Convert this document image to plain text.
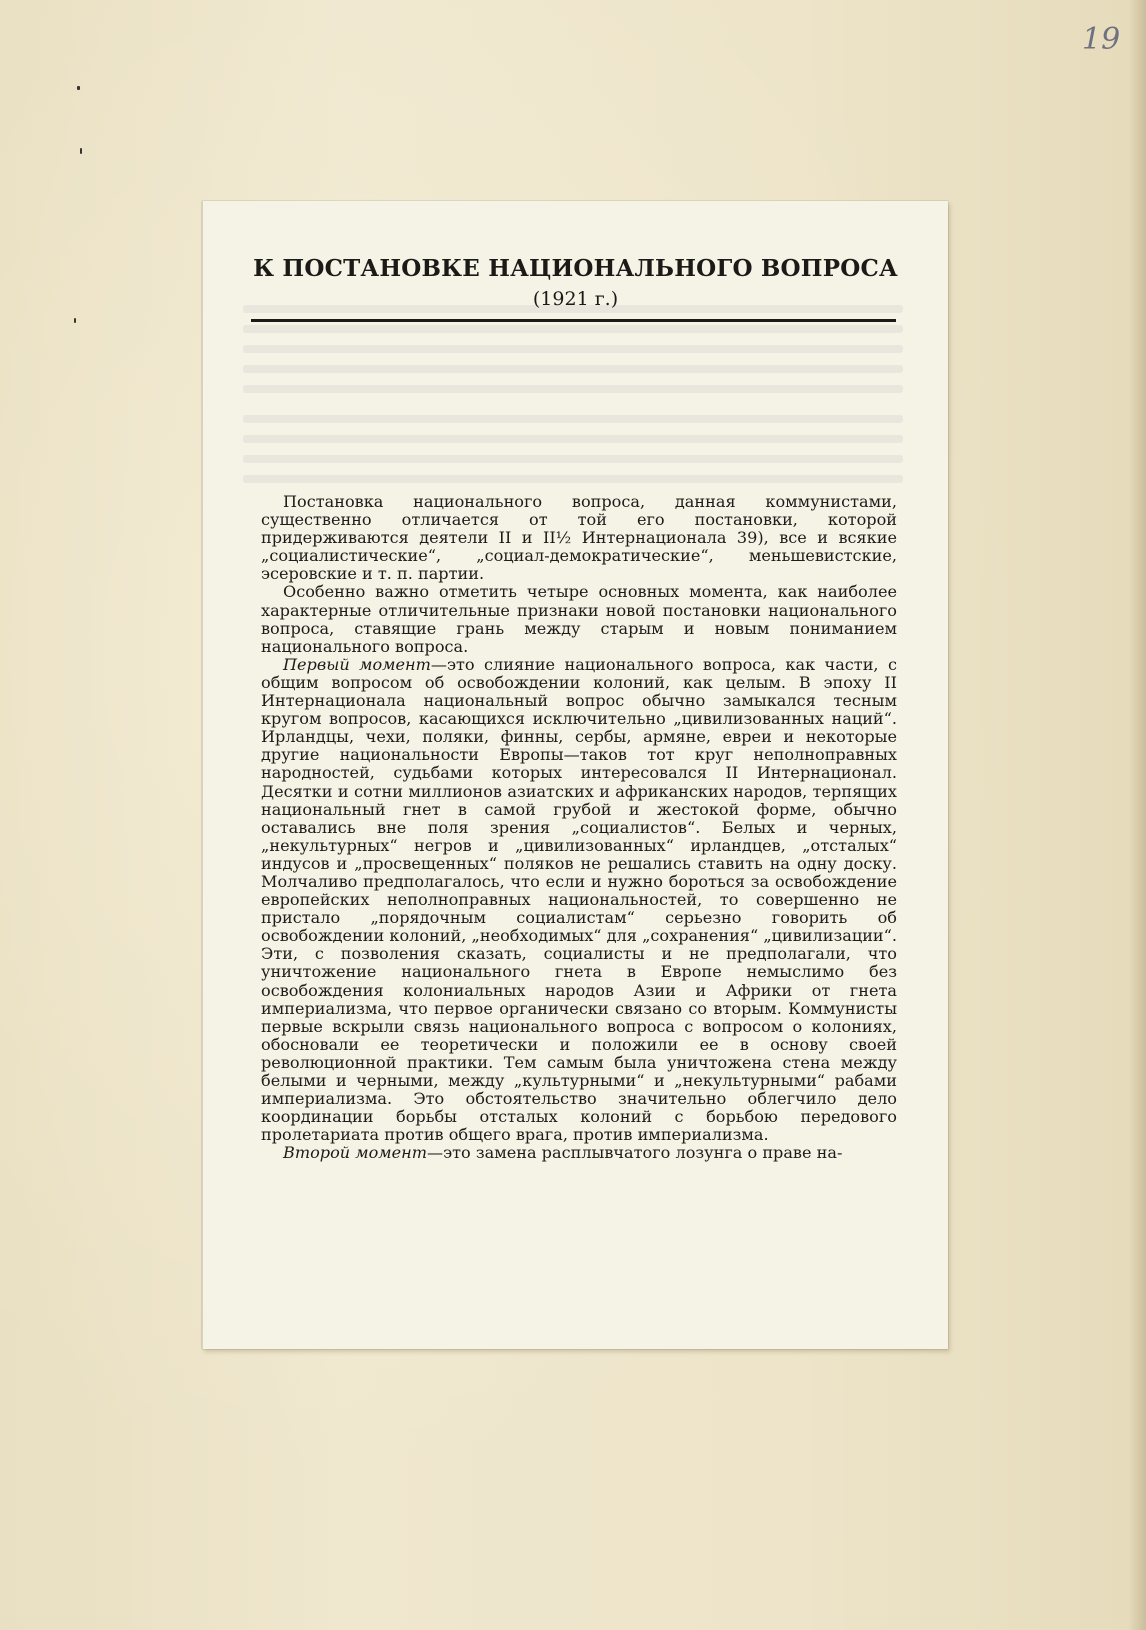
19
К ПОСТАНОВКЕ НАЦИОНАЛЬНОГО ВОПРОСА
(1921 г.)

Постановка национального вопроса, данная коммунистами, существенно отличается от той его постановки, которой придерживаются деятели II и II½ Интернационала 39), все и всякие „социалистические“, „социал-демократические“, меньшевистские, эсеровские и т. п. партии.

Особенно важно отметить четыре основных момента, как наиболее характерные отличительные признаки новой постановки национального вопроса, ставящие грань между старым и новым пониманием национального вопроса.

Первый момент—это слияние национального вопроса, как части, с общим вопросом об освобождении колоний, как целым. В эпоху II Интернационала национальный вопрос обычно замыкался тесным кругом вопросов, касающихся исключительно „цивилизованных наций“. Ирландцы, чехи, поляки, финны, сербы, армяне, евреи и некоторые другие национальности Европы—таков тот круг неполноправных народностей, судьбами которых интересовался II Интернационал. Десятки и сотни миллионов азиатских и африканских народов, терпящих национальный гнет в самой грубой и жестокой форме, обычно оставались вне поля зрения „социалистов“. Белых и черных, „некультурных“ негров и „цивилизованных“ ирландцев, „отсталых“ индусов и „просвещенных“ поляков не решались ставить на одну доску. Молчаливо предполагалось, что если и нужно бороться за освобождение европейских неполноправных национальностей, то совершенно не пристало „порядочным социалистам“ серьезно говорить об освобождении колоний, „необходимых“ для „сохранения“ „цивилизации“. Эти, с позволения сказать, социалисты и не предполагали, что уничтожение национального гнета в Европе немыслимо без освобождения колониальных народов Азии и Африки от гнета империализма, что первое органически связано со вторым. Коммунисты первые вскрыли связь национального вопроса с вопросом о колониях, обосновали ее теоретически и положили ее в основу своей революционной практики. Тем самым была уничтожена стена между белыми и черными, между „культурными“ и „некультурными“ рабами империализма. Это обстоятельство значительно облегчило дело координации борьбы отсталых колоний с борьбою передового пролетариата против общего врага, против империализма.

Второй момент—это замена расплывчатого лозунга о праве на-
